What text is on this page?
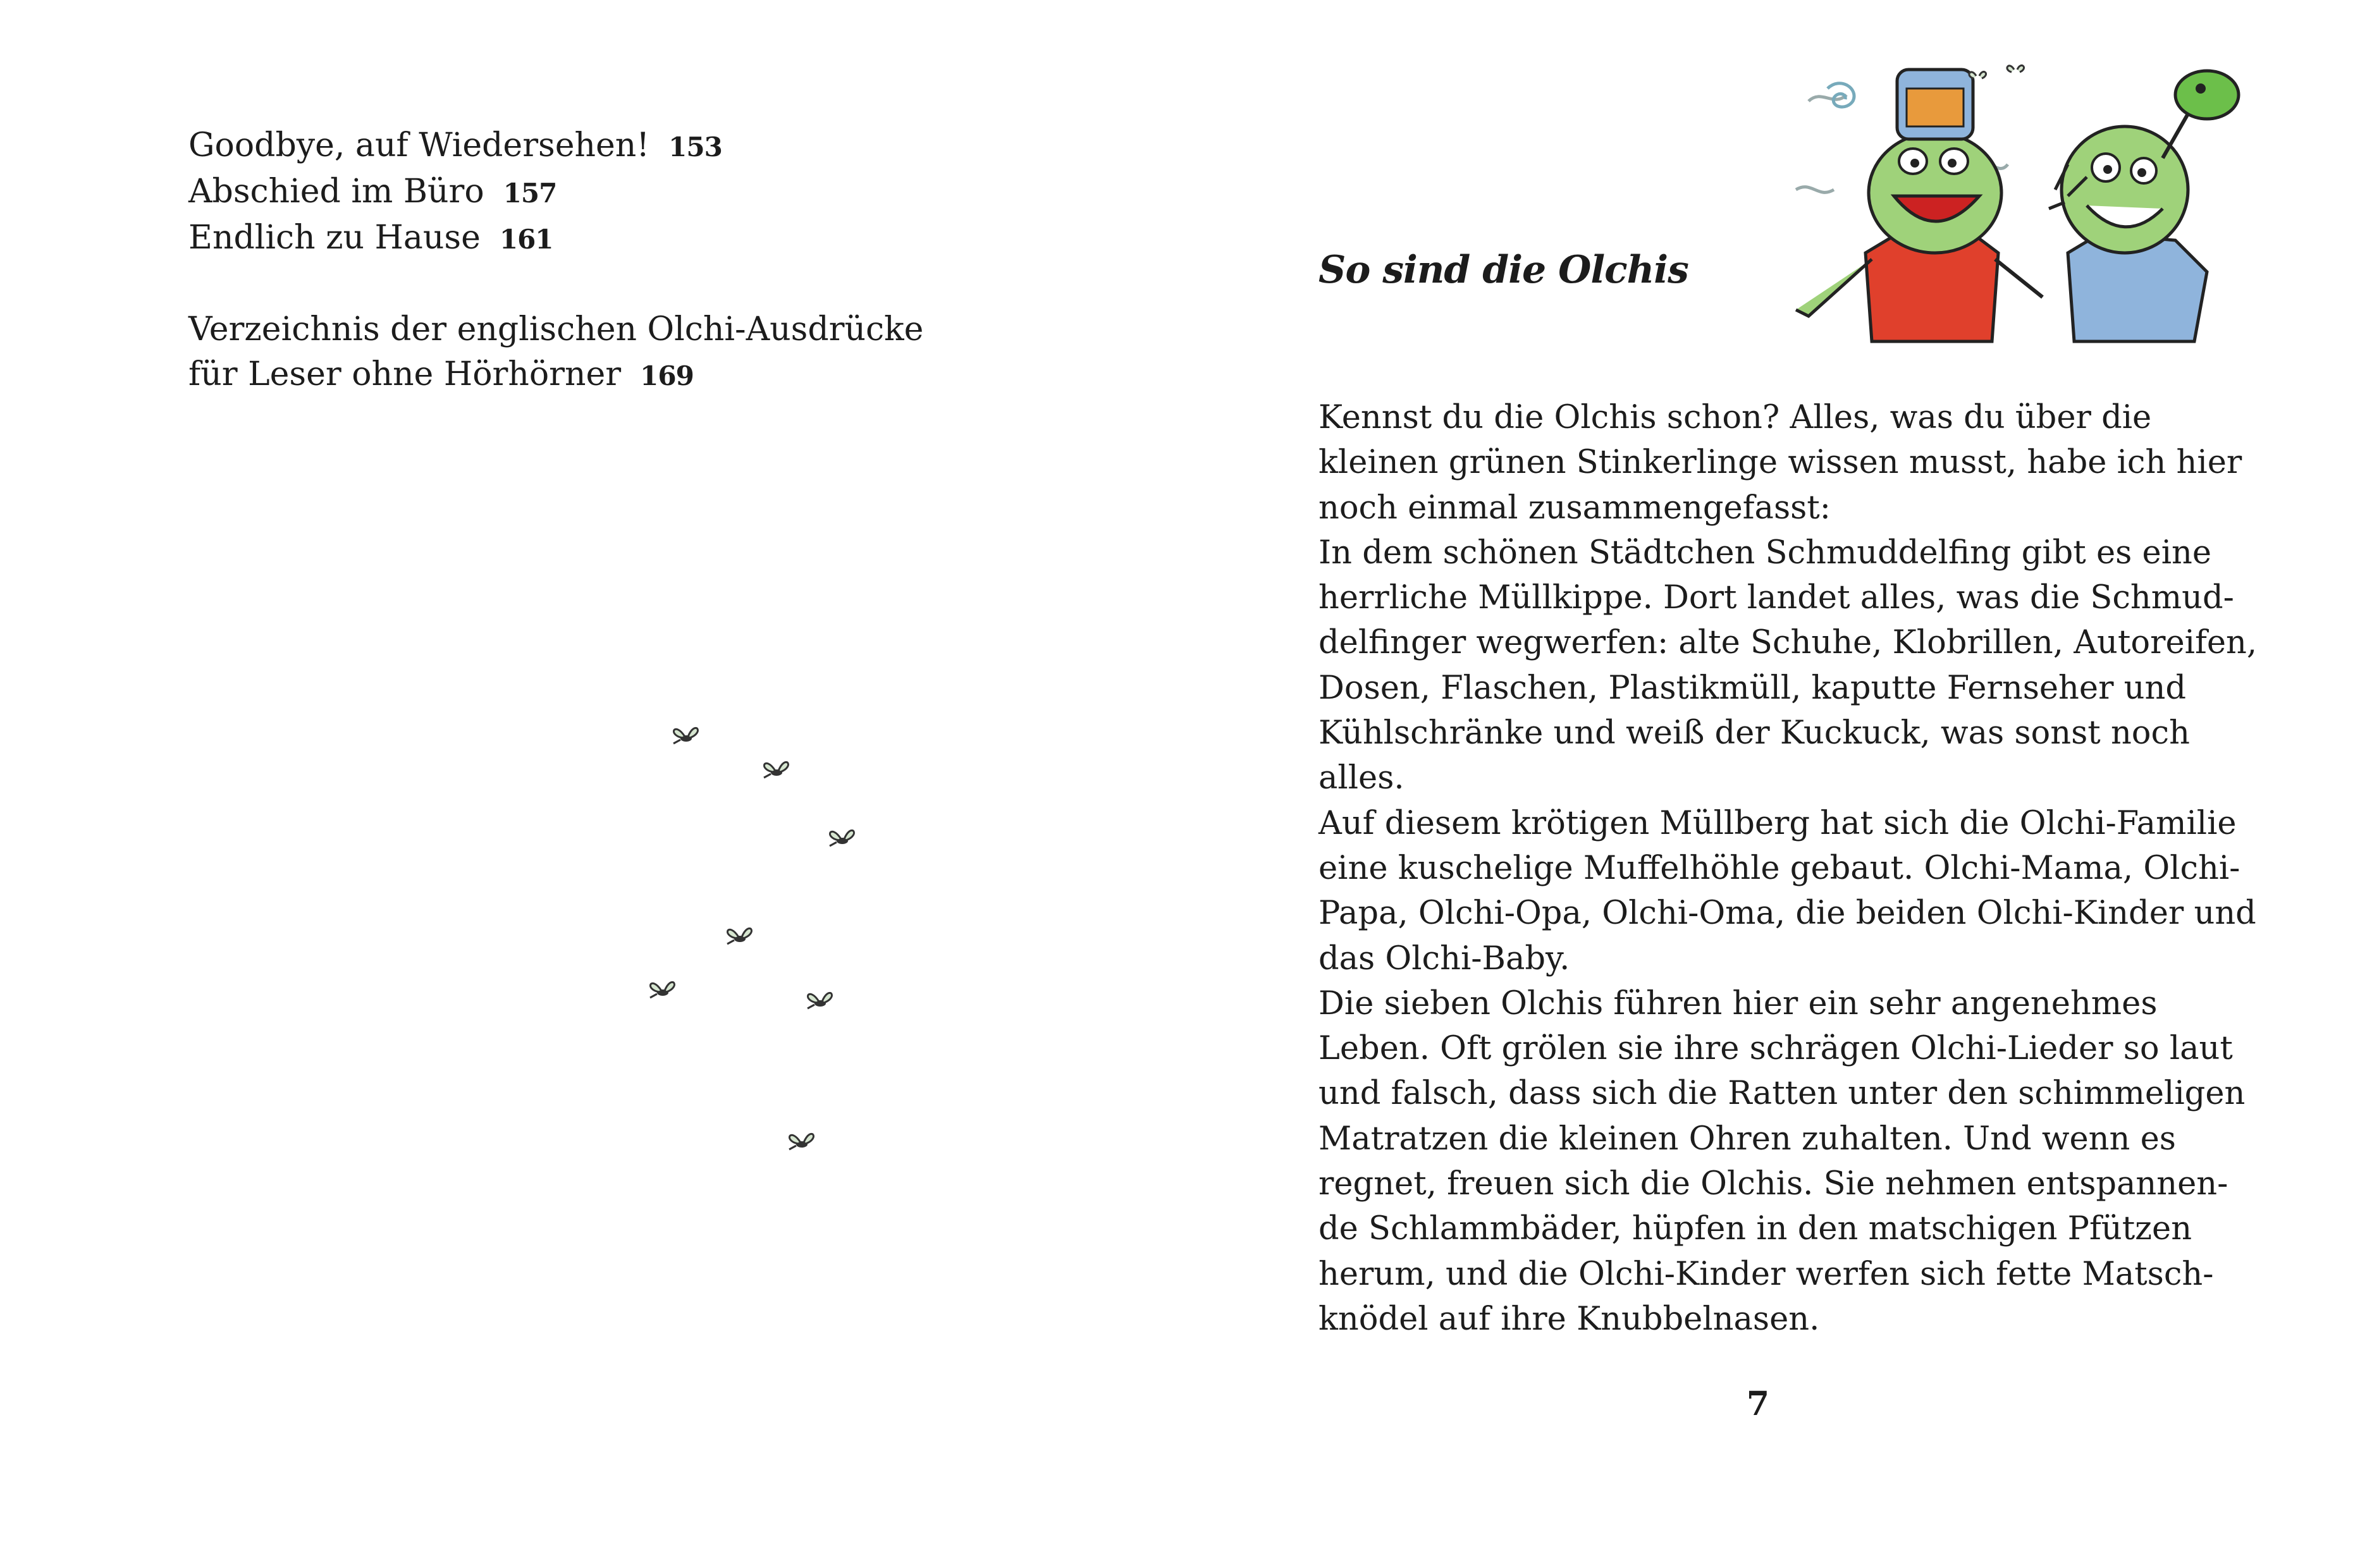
Goodbye, auf Wiedersehen! 153
Abschied im Büro 157
Endlich zu Hause 161
Verzeichnis der englischen Olchi-Ausdrücke
für Leser ohne Hörhörner 169
So sind die Olchis
Kennst du die Olchis schon? Alles, was du über die
kleinen grünen Stinkerlinge wissen musst, habe ich hier
noch einmal zusammengefasst:
In dem schönen Städtchen Schmuddelfing gibt es eine
herrliche Müllkippe. Dort landet alles, was die Schmud-
delfinger wegwerfen: alte Schuhe, Klobrillen, Autoreifen,
Dosen, Flaschen, Plastikmüll, kaputte Fernseher und
Kühlschränke und weiß der Kuckuck, was sonst noch
alles.
Auf diesem krötigen Müllberg hat sich die Olchi-Familie
eine kuschelige Muffelhöhle gebaut. Olchi-Mama, Olchi-
Papa, Olchi-Opa, Olchi-Oma, die beiden Olchi-Kinder und
das Olchi-Baby.
Die sieben Olchis führen hier ein sehr angenehmes
Leben. Oft grölen sie ihre schrägen Olchi-Lieder so laut
und falsch, dass sich die Ratten unter den schimmeligen
Matratzen die kleinen Ohren zuhalten. Und wenn es
regnet, freuen sich die Olchis. Sie nehmen entspannen-
de Schlammbäder, hüpfen in den matschigen Pfützen
herum, und die Olchi-Kinder werfen sich fette Matsch-
knödel auf ihre Knubbelnasen.
7
